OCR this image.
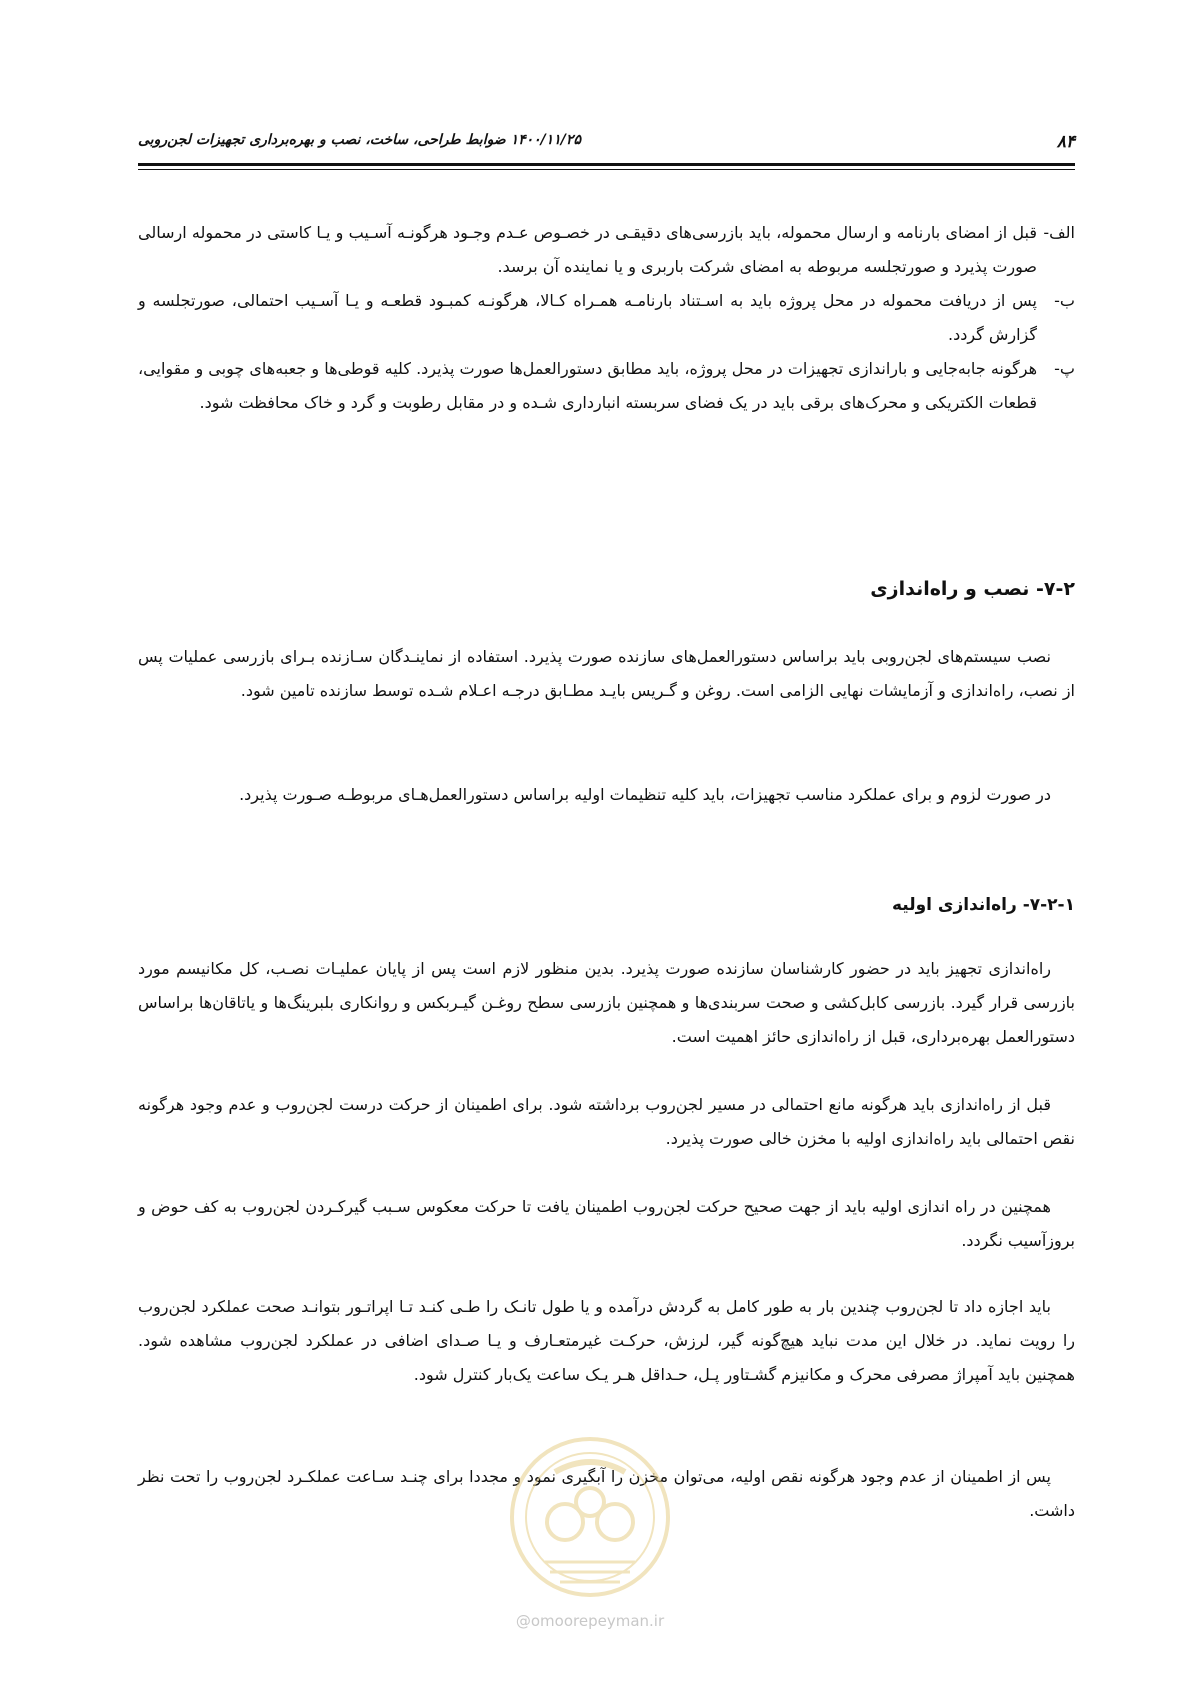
۸۴
۱۴۰۰/۱۱/۲۵ ضوابط طراحی، ساخت، نصب و بهره‌برداری تجهیزات لجن‌روبی
الف-
قبل از امضای بارنامه و ارسال محموله، باید بازرسی‌های دقیقـی در خصـوص عـدم وجـود هرگونـه آسـیب و یـا کاستی در محموله ارسالی صورت پذیرد و صورتجلسه مربوطه به امضای شرکت باربری و یا نماینده آن برسد.
ب-
پس از دریافت محموله در محل پروژه باید به اسـتناد بارنامـه همـراه کـالا، هرگونـه کمبـود قطعـه و یـا آسـیب احتمالی، صورتجلسه و گزارش گردد.
پ-
هرگونه جابه‌جایی و باراندازی تجهیزات در محل پروژه، باید مطابق دستورالعمل‌ها صورت پذیرد. کلیه قوطی‌ها و جعبه‌های چوبی و مقوایی، قطعات الکتریکی و محرک‌های برقی باید در یک فضای سربسته انبارداری شـده و در مقابل رطوبت و گرد و خاک محافظت شود.
۷-۲- نصب و راه‌اندازی
نصب سیستم‌های لجن‌روبی باید براساس دستورالعمل‌های سازنده صورت پذیرد. استفاده از نماینـدگان سـازنده بـرای بازرسی عملیات پس از نصب، راه‌اندازی و آزمایشات نهایی الزامی است. روغن و گـریس بایـد مطـابق درجـه اعـلام شـده توسط سازنده تامین شود.
در صورت لزوم و برای عملکرد مناسب تجهیزات، باید کلیه تنظیمات اولیه براساس دستورالعمل‌هـای مربوطـه صـورت پذیرد.
۷-۲-۱- راه‌اندازی اولیه
راه‌اندازی تجهیز باید در حضور کارشناسان سازنده صورت پذیرد. بدین منظور لازم است پس از پایان عملیـات نصـب، کل مکانیسم مورد بازرسی قرار گیرد. بازرسی کابل‌کشی و صحت سربندی‌ها و همچنین بازرسی سطح روغـن گیـربکس و روانکاری بلبرینگ‌ها و یاتاقان‌ها براساس دستورالعمل بهره‌برداری، قبل از راه‌اندازی حائز اهمیت است.
قبل از راه‌اندازی باید هرگونه مانع احتمالی در مسیر لجن‌روب برداشته شود. برای اطمینان از حرکت درست لجن‌روب و عدم وجود هرگونه نقص احتمالی باید راه‌اندازی اولیه با مخزن خالی صورت پذیرد.
همچنین در راه اندازی اولیه باید از جهت صحیح حرکت لجن‌روب اطمینان یافت تا حرکت معکوس سـبب گیرکـردن لجن‌روب به کف حوض و بروزآسیب نگردد.
باید اجازه داد تا لجن‌روب چندین بار به طور کامل به گردش درآمده و یا طول تانـک را طـی کنـد تـا اپراتـور بتوانـد صحت عملکرد لجن‌روب را رویت نماید. در خلال این مدت نباید هیچ‌گونه گیر، لرزش، حرکـت غیرمتعـارف و یـا صـدای اضافی در عملکرد لجن‌روب مشاهده شود. همچنین باید آمپراژ مصرفی محرک و مکانیزم گشـتاور پـل، حـداقل هـر یـک ساعت یک‌بار کنترل شود.
پس از اطمینان از عدم وجود هرگونه نقص اولیه، می‌توان مخزن را آبگیری نمود و مجددا برای چنـد سـاعت عملکـرد لجن‌روب را تحت نظر داشت.
@omoorepeyman.ir
